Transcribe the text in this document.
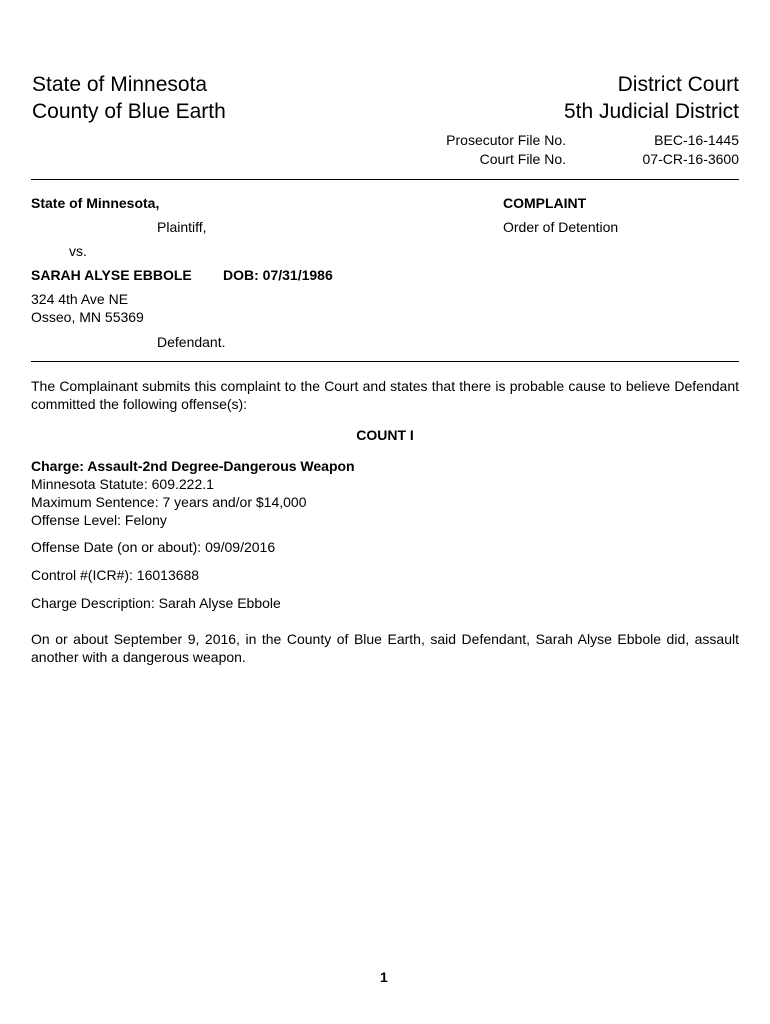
State of Minnesota
County of Blue Earth
District Court
5th Judicial District
Prosecutor File No.
Court File No.
BEC-16-1445
07-CR-16-3600
State of Minnesota,
Plaintiff,
vs.
SARAH ALYSE EBBOLE DOB: 07/31/1986
324 4th Ave NE
Osseo, MN 55369
Defendant.
COMPLAINT
Order of Detention
The Complainant submits this complaint to the Court and states that there is probable cause to believe Defendant committed the following offense(s):
COUNT I
Charge: Assault-2nd Degree-Dangerous Weapon
Minnesota Statute: 609.222.1
Maximum Sentence: 7 years and/or $14,000
Offense Level: Felony
Offense Date (on or about): 09/09/2016
Control #(ICR#): 16013688
Charge Description: Sarah Alyse Ebbole
On or about September 9, 2016, in the County of Blue Earth, said Defendant, Sarah Alyse Ebbole did, assault another with a dangerous weapon.
1
